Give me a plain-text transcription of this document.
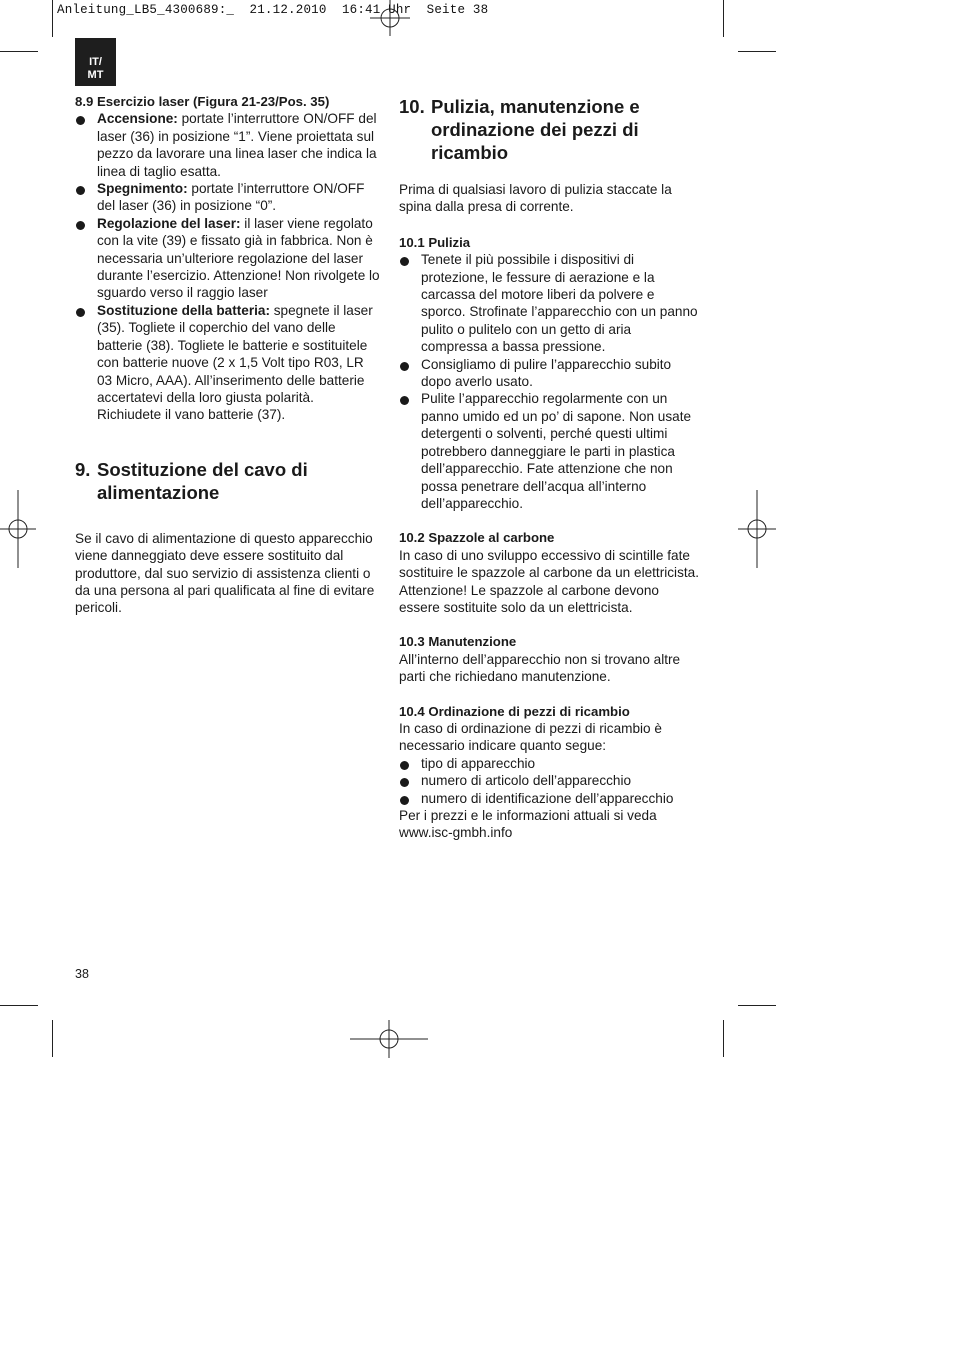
Anleitung_LB5_4300689:_  21.12.2010  16:41 Uhr  Seite 38
IT/
MT
8.9 Esercizio laser (Figura 21-23/Pos. 35)
Accensione: portate l’interruttore ON/OFF del laser (36) in posizione “1”. Viene proiettata sul pezzo da lavorare una linea laser che indica la linea di taglio esatta.
Spegnimento: portate l’interruttore ON/OFF del laser (36) in posizione “0”.
Regolazione del laser: il laser viene regolato con la vite (39) e fissato già in fabbrica. Non è necessaria un’ulteriore regolazione del laser durante l’esercizio. Attenzione! Non rivolgete lo sguardo verso il raggio laser
Sostituzione della batteria: spegnete il laser (35). Togliete il coperchio del vano delle batterie (38). Togliete le batterie e sostituitele con batterie nuove (2 x 1,5 Volt tipo R03, LR 03 Micro, AAA). All’inserimento delle batterie accertatevi della loro giusta polarità. Richiudete il vano batterie (37).
9. Sostituzione del cavo di alimentazione

Se il cavo di alimentazione di questo apparecchio viene danneggiato deve essere sostituito dal produttore, dal suo servizio di assistenza clienti o da una persona al pari qualificata al fine di evitare pericoli.

10. Pulizia, manutenzione e ordinazione dei pezzi di ricambio

Prima di qualsiasi lavoro di pulizia staccate la spina dalla presa di corrente.

10.1 Pulizia
Tenete il più possibile i dispositivi di protezione, le fessure di aerazione e la carcassa del motore liberi da polvere e sporco. Strofinate l’apparecchio con un panno pulito o pulitelo con un getto di aria compressa a bassa pressione.
Consigliamo di pulire l’apparecchio subito dopo averlo usato.
Pulite l’apparecchio regolarmente con un panno umido ed un po’ di sapone. Non usate detergenti o solventi, perché questi ultimi potrebbero danneggiare le parti in plastica dell’apparecchio. Fate attenzione che non possa penetrare dell’acqua all’interno dell’apparecchio.
10.2 Spazzole al carbone

In caso di uno sviluppo eccessivo di scintille fate sostituire le spazzole al carbone da un elettricista. Attenzione! Le spazzole al carbone devono essere sostituite solo da un elettricista.

10.3 Manutenzione

All’interno dell’apparecchio non si trovano altre parti che richiedano manutenzione.

10.4 Ordinazione di pezzi di ricambio

In caso di ordinazione di pezzi di ricambio è necessario indicare quanto segue:

tipo di apparecchio
numero di articolo dell’apparecchio
numero di identificazione dell’apparecchio

Per i prezzi e le informazioni attuali si veda www.isc-gmbh.info

38
